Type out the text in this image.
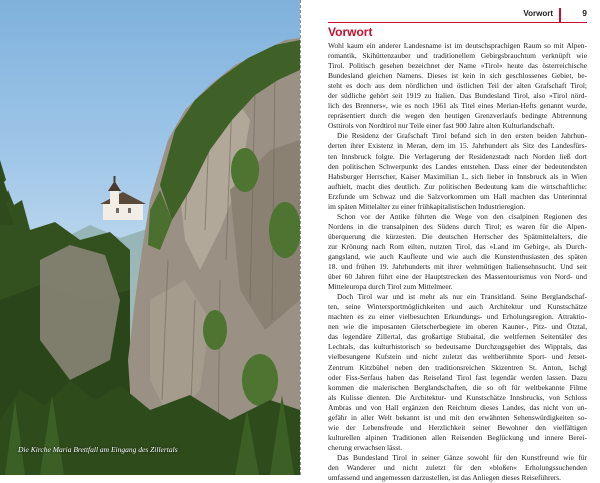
Die Kirche Maria Brettfall am Eingang des Zillertals
Vorwort	9
Vorwort
Wohl kaum ein anderer Landesname ist im deutschsprachigen Raum so mit Alpen-
romantik, Skihüttenzauber und traditionellem Gebirgsbrauchtum verknüpft wie
Tirol. Politisch gesehen bezeichnet der Name »Tirol« heute das österreichische
Bundesland gleichen Namens. Dieses ist kein in sich geschlossenes Gebiet, be-
steht es doch aus dem nördlichen und östlichen Teil der alten Grafschaft Tirol;
der südliche gehört seit 1919 zu Italien. Das Bundesland Tirol, also »Tirol nörd-
lich des Brenners«, wie es noch 1961 als Titel eines Merian-Hefts genannt wurde,
repräsentiert durch die wegen den heutigen Grenzverlaufs bedingte Abtrennung
Osttirols von Nordtirol nur Teile einer fast 900 Jahre alten Kulturlandschaft.
Die Residenz der Grafschaft Tirol befand sich in den ersten beiden Jahrhun-
derten ihrer Existenz in Meran, dem im 15. Jahrhundert als Sitz des Landesfürs-
ten Innsbruck folgte. Die Verlagerung der Residenzstadt nach Norden ließ dort
den politischen Schwerpunkt des Landes entstehen. Dass einer der bedeutendsten
Habsburger Herrscher, Kaiser Maximilian I., sich lieber in Innsbruck als in Wien
aufhielt, macht dies deutlich. Zur politischen Bedeutung kam die wirtschaftliche:
Erzfunde um Schwaz und die Salzvorkommen um Hall machten das Unterinntal
im späten Mittelalter zu einer frühkapitalistischen Industrieregion.
Schon vor der Antike führten die Wege von den cisalpinen Regionen des
Nordens in die transalpinen des Südens durch Tirol; es waren für die Alpen-
überquerung die kürzesten. Die deutschen Herrscher des Spätmittelalters, die
zur Krönung nach Rom eilten, nutzten Tirol, das »Land im Gebirg«, als Durch-
gangsland, wie auch Kaufleute und wie auch die Kunstenthusiasten des späten
18. und frühen 19. Jahrhunderts mit ihrer wehmütigen Italiensehnsucht. Und seit
über 60 Jahren führt eine der Hauptstrecken des Massentourismus von Nord- und
Mitteleuropa durch Tirol zum Mittelmeer.
Doch Tirol war und ist mehr als nur ein Transitland. Seine Berglandschaf-
ten, seine Wintersportmöglichkeiten und auch Architektur und Kunstschätze
machten es zu einer vielbesuchten Erkundungs- und Erholungsregion. Attraktio-
nen wie die imposanten Gletscherbegiete im oberen Kauner-, Pitz- und Ötztal,
das legendäre Zillertal, das großartige Stubaital, die weltfernen Seitentäler des
Lechtals, das kulturhistorisch so bedeutsame Durchzugsgebiet des Wipptals, das
vielbesungene Kufstein und nicht zuletzt das weltberühmte Sport- und Jetset-
Zentrum Kitzbühel neben den traditionsreichen Skizentren St. Anton, Ischgl
oder Fiss-Serfaus haben das Reiseland Tirol fast legendär werden lassen. Dazu
kommen die malerischen Berglandschaften, die so oft für weltbekannte Filme
als Kulisse dienten. Die Architektur- und Kunstschätze Innsbrucks, von Schloss
Ambras und von Hall ergänzen den Reichtum dieses Landes, das nicht von un-
gefähr in aller Welt bekannt ist und mit den erwähnten Sehenswürdigkeiten so-
wie der Lebensfreude und Herzlichkeit seiner Bewohner den vielfältigen
kulturellen alpinen Traditionen allen Reisenden Beglückung und innere Berei-
cherung erwachsen lässt.
Das Bundesland Tirol in seiner Gänze sowohl für den Kunstfreund wie für
den Wanderer und nicht zuletzt für den »bloßen« Erholungssuchenden
umfassend und angemessen darzustellen, ist das Anliegen dieses Reiseführers.
